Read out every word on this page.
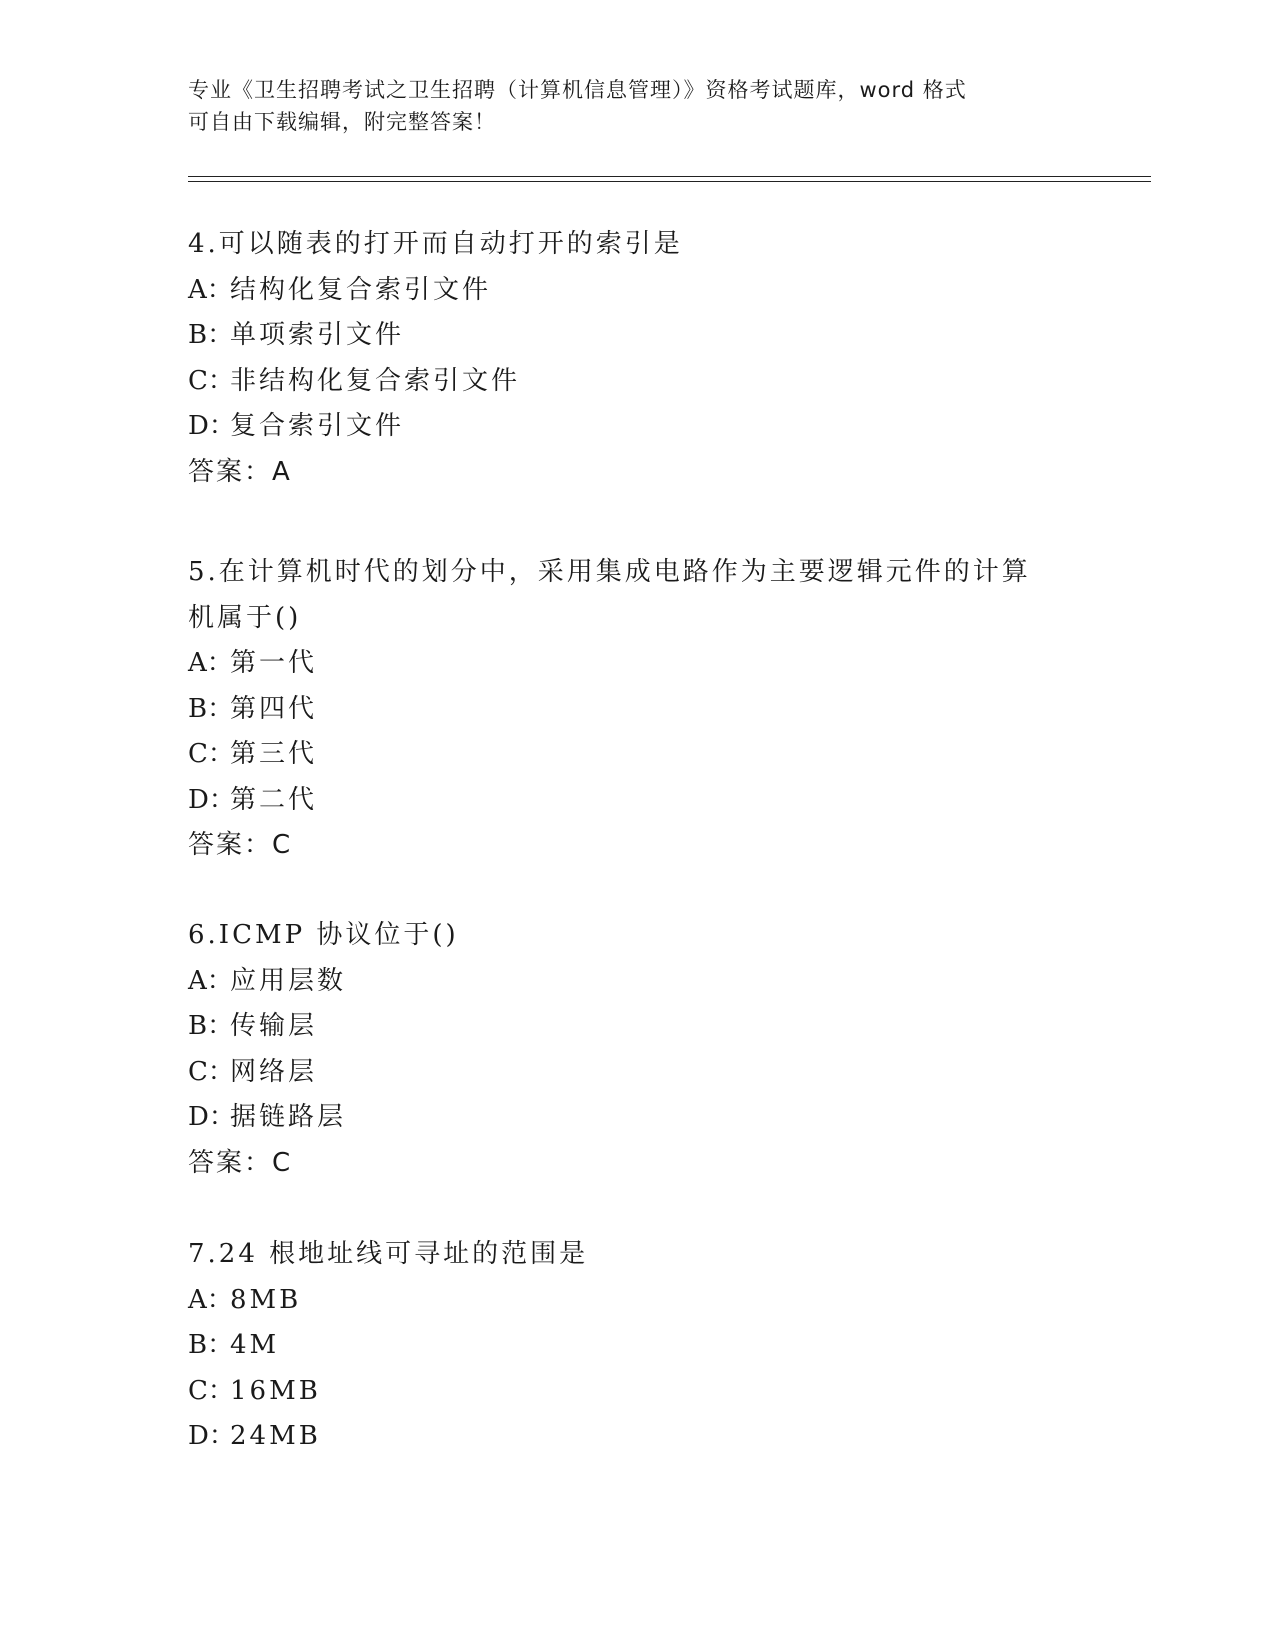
专业《卫生招聘考试之卫生招聘（计算机信息管理）》资格考试题库，word 格式
可自由下载编辑，附完整答案！
4.可以随表的打开而自动打开的索引是
A：结构化复合索引文件
B：单项索引文件
C：非结构化复合索引文件
D：复合索引文件
答案：A
5.在计算机时代的划分中，采用集成电路作为主要逻辑元件的计算机属于()
A：第一代
B：第四代
C：第三代
D：第二代
答案：C
6.ICMP 协议位于()
A：应用层数
B：传输层
C：网络层
D：据链路层
答案：C
7.24 根地址线可寻址的范围是
A：8MB
B：4M
C：16MB
D：24MB
